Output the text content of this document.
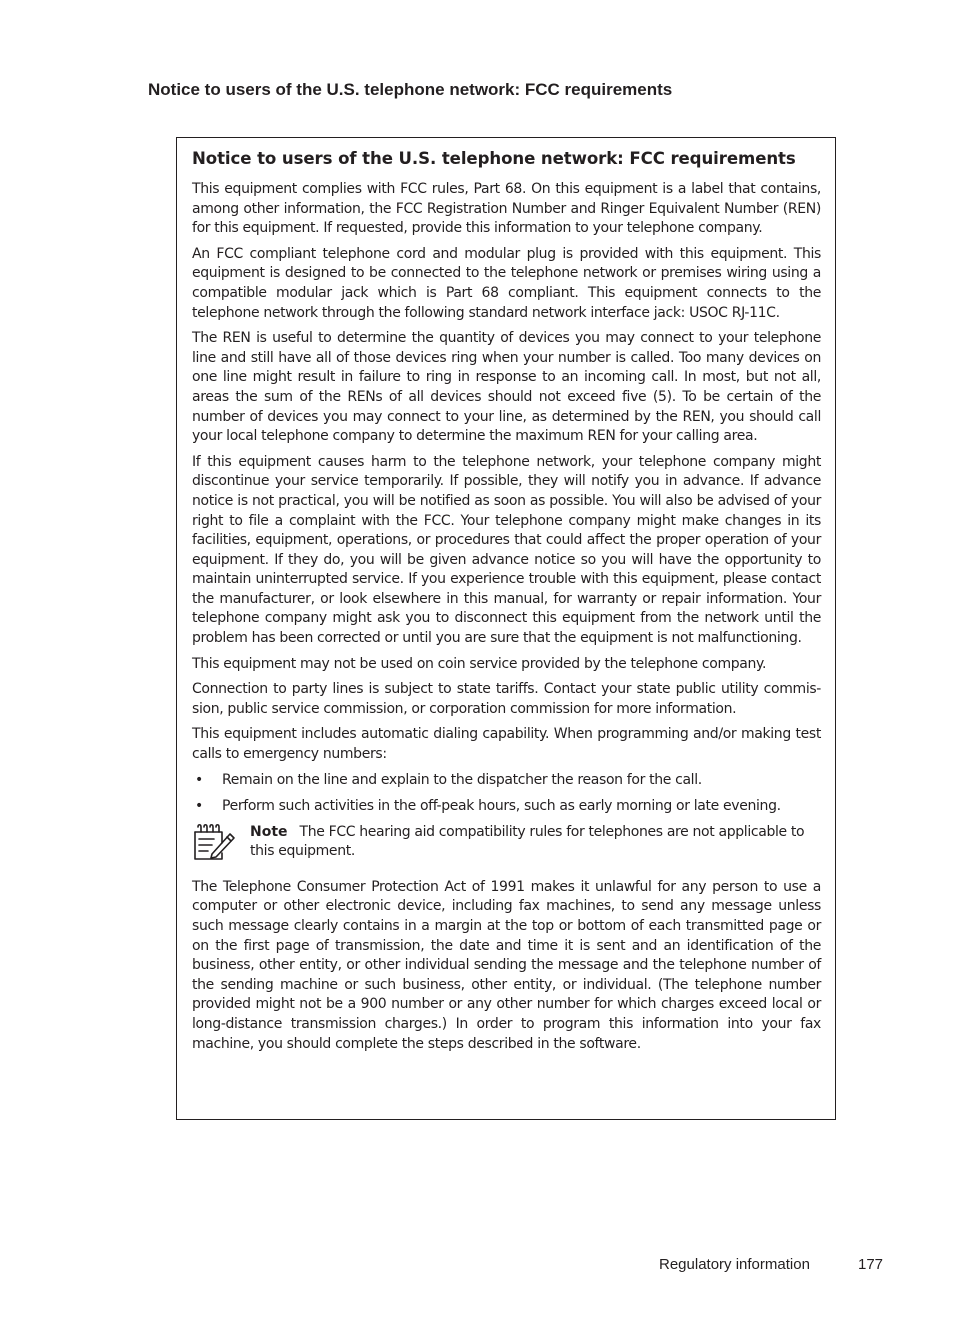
Notice to users of the U.S. telephone network: FCC requirements
Notice to users of the U.S. telephone network: FCC requirements

This equipment complies with FCC rules, Part 68. On this equipment is a label that contains, among other information, the FCC Registration Number and Ringer Equivalent Number (REN) for this equipment. If requested, provide this information to your telephone company.

An FCC compliant telephone cord and modular plug is provided with this equipment. This equipment is designed to be connected to the telephone network or premises wiring using a compatible modular jack which is Part 68 compliant. This equipment connects to the telephone network through the following standard network interface jack: USOC RJ-11C.

The REN is useful to determine the quantity of devices you may connect to your telephone line and still have all of those devices ring when your number is called. Too many devices on one line might result in failure to ring in response to an incoming call. In most, but not all, areas the sum of the RENs of all devices should not exceed five (5). To be certain of the number of devices you may connect to your line, as determined by the REN, you should call your local telephone company to determine the maximum REN for your calling area.

If this equipment causes harm to the telephone network, your telephone company might discontinue your service temporarily. If possible, they will notify you in advance. If advance notice is not practical, you will be notified as soon as possible. You will also be advised of your right to file a complaint with the FCC. Your telephone company might make changes in its facilities, equipment, operations, or procedures that could affect the proper operation of your equipment. If they do, you will be given advance notice so you will have the opportunity to maintain uninterrupted service. If you experience trouble with this equipment, please contact the manufacturer, or look elsewhere in this manual, for warranty or repair information. Your telephone company might ask you to disconnect this equipment from the network until the problem has been corrected or until you are sure that the equipment is not malfunctioning.

This equipment may not be used on coin service provided by the telephone company.

Connection to party lines is subject to state tariffs. Contact your state public utility commis-sion, public service commission, or corporation commission for more information.

This equipment includes automatic dialing capability. When programming and/or making test calls to emergency numbers:

• Remain on the line and explain to the dispatcher the reason for the call.
• Perform such activities in the off-peak hours, such as early morning or late evening.
Note The FCC hearing aid compatibility rules for telephones are not applicable to this equipment.

The Telephone Consumer Protection Act of 1991 makes it unlawful for any person to use a computer or other electronic device, including fax machines, to send any message unless such message clearly contains in a margin at the top or bottom of each transmitted page or on the first page of transmission, the date and time it is sent and an identification of the business, other entity, or other individual sending the message and the telephone number of the sending machine or such business, other entity, or individual. (The telephone number provided might not be a 900 number or any other number for which charges exceed local or long-distance transmission charges.) In order to program this information into your fax machine, you should complete the steps described in the software.

Regulatory information	177
